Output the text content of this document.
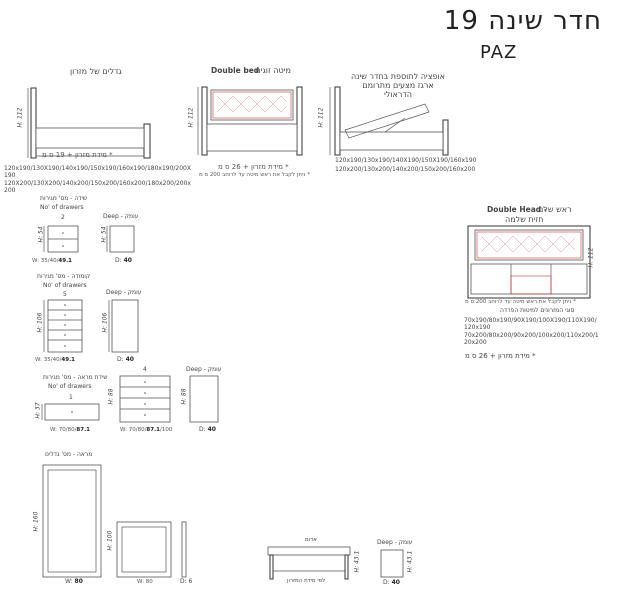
חדר שינה 19
PAZ
גדלים של מזרון
H: 112
* מידת מזרון + 19 ס מ
120x190/130X190/140x190/150x190/160x190/180x190/200X 190
120X200/130X200/140x200/150x200/160x200/180x200/200x 200
Double bed
מיטה זוגית -
H: 112
* מידת מזרון + 26 ס מ
* ניתן לקבל את ראש מיטה עד לרוחב 200 ס מ
אופציה לתוספת בחדר שינה ארגז מצעים מתרומם הדראולי
H: 112
120x190/130x190/140X190/150X190/160x190
120x200/130x200/140x200/150x200/160x200
Double Head -
ראש שלם
חזית שלמה
H: 112
* ניתן לקבל את ראש מיטה עד לרוחב 200 ס מ
סוגי המזרונים למיטות הפרדה
70x190/80x190/90X190/100X190/110X190/ 120x190
70x200/80x200/90x200/100x200/110x200/1 20x200
* מידת מזרון + 26 ס מ
שידה - מס' מגירות
No' of drawers
2
H: 54
W: 35/40/49.1
Deep - עומק
H: 54
D: 40
קומודה - מס' מגירות
No' of drawers
5
H: 106
W: 35/40/49.1
Deep - עומק
H: 106
D: 40
שידת מראה - מס' מגירות
No' of drawers
1
H: 37
W: 70/80/87.1
4
H: 88
W: 70/80/87.1/100
Deep - עומק
H: 88
D: 40
מראה - מס' גדלים
H: 160
W: 80
H: 100
W: 80	D: 6
אדום
לפי מידת המזרון
H: 43.1
Deep - עומק
H: 43.1
D: 40
